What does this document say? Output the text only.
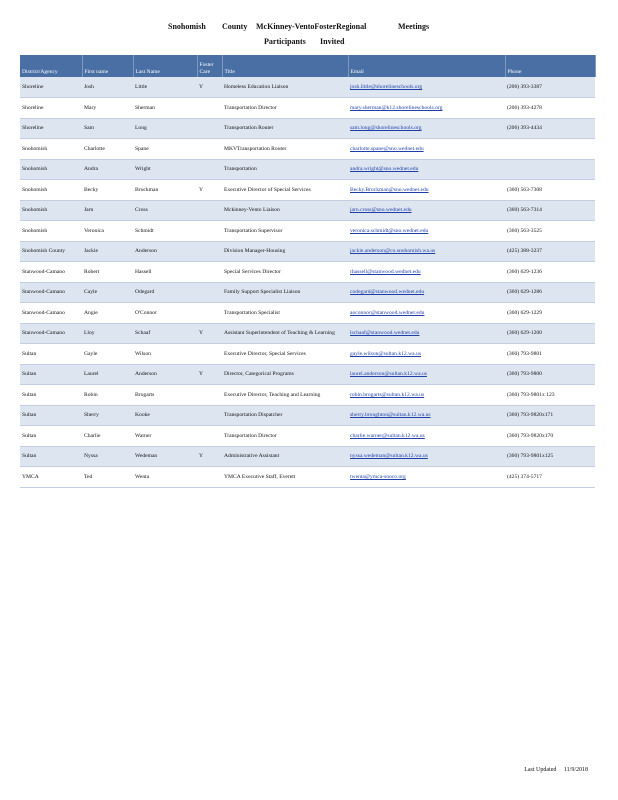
Snohomish County McKinney-VentoFosterRegional	Meetings
Participants Invited
District/Agency	First name	Last Name	Foster Care	Title	Email	Phone
Shoreline	Josh	Little	Y	Homeless Education Liaison	josh.little@shorelineschools.org	(206) 393-3387
Shoreline	Mary	Sherman		Transportation Director	mary.sherman@k12.shorelineschools.org	(206) 393-4278
Shoreline	Sam	Long		Transportation Router	sam.long@shorelineschools.org	(206) 393-4434
Snohomish	Charlotte	Spane		MKVTransportation Router	charlotte.spane@sno.wednet.edu	
Snohomish	Andra	Wright		Transportation	andra.wright@sno.wednet.edu	
Snohomish	Becky	Brockman	Y	Executive Director of Special Services	Becky.Brockman@sno.wednet.edu	(360) 563-7308
Snohomish	Jarn	Cross		Mckinney-Vento Liaison	jarn.cross@sno.wednet.edu	(360) 563-7314
Snohomish	Veronica	Schmidt		Transportation Supervisor	veronica.schmidt@sno.wednet.edu	(360) 563-3525
Snohomish County	Jackie	Anderson		Division Manager-Housing	jackie.anderson@co.snohomish.wa.us	(425) 388-3237
Stanwood-Camano	Robert	Hassell		Special Services Director	rhassell@stanwood.wednet.edu	(360) 629-1236
Stanwood-Camano	Cayle	Odegard		Family Support Specialist Liaison	codegard@stanwood.wednet.edu	(360) 629-1286
Stanwood-Camano	Angie	O'Connor		Transportation Specialist	aoconnor@stanwood.wednet.edu	(360) 629-1229
Stanwood-Camano	Lloy	Schaaf	Y	Assistant Superintendent of Teaching & Learning	lschaaf@stanwood.wednet.edu	(360) 629-1200
Sultan	Gayle	Wilson		Executive Director, Special Services	gayle.wilson@sultan.k12.wa.us	(360) 793-9801
Sultan	Laurel	Anderson	Y	Director, Categorical Programs	laurel.anderson@sultan.k12.wa.us	(360) 793-9800
Sultan	Robin	Brogarts		Executive Director, Teaching and Learning	robin.brogarts@sultan.k12.wa.us	(360) 793-9801x 123
Sultan	Sherry	Kooke		Transportation Dispatcher	sherry.broughton@sultan.k12.wa.us	(360) 793-9820x171
Sultan	Charlie	Warner		Transportation Director	charlie.warner@sultan.k12.wa.us	(360) 793-9820x170
Sultan	Nyssa	Wedeman	Y	Administrative Assistant	nyssa.wedeman@sultan.k12.wa.us	(360) 793-9801x125
YMCA	Ted	Wenta		YMCA Executive Staff, Everett	twenta@ymca-snoco.org	(425) 374-5717
Last Updated 11/9/2018
